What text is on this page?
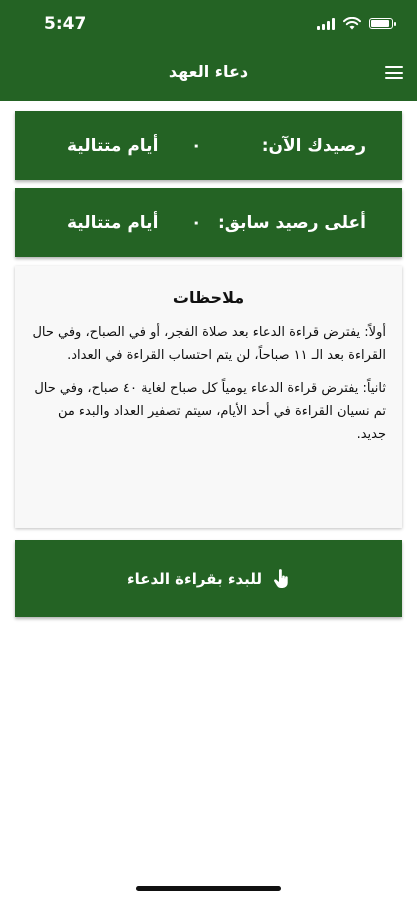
5:47
دعاء العهد
رصيدك الآن:
٠
أيام متتالية
أعلى رصيد سابق:
٠
أيام متتالية
ملاحظات

أولاً: يفترض قراءة الدعاء بعد صلاة الفجر، أو في الصباح، وفي حال القراءة بعد الـ ١١ صباحاً، لن يتم احتساب القراءة في العداد.

ثانياً: يفترض قراءة الدعاء يومياً كل صباح لغاية ٤٠ صباح، وفي حال تم نسيان القراءة في أحد الأيام، سيتم تصفير العداد والبدء من جديد.

للبدء بقراءة الدعاء
